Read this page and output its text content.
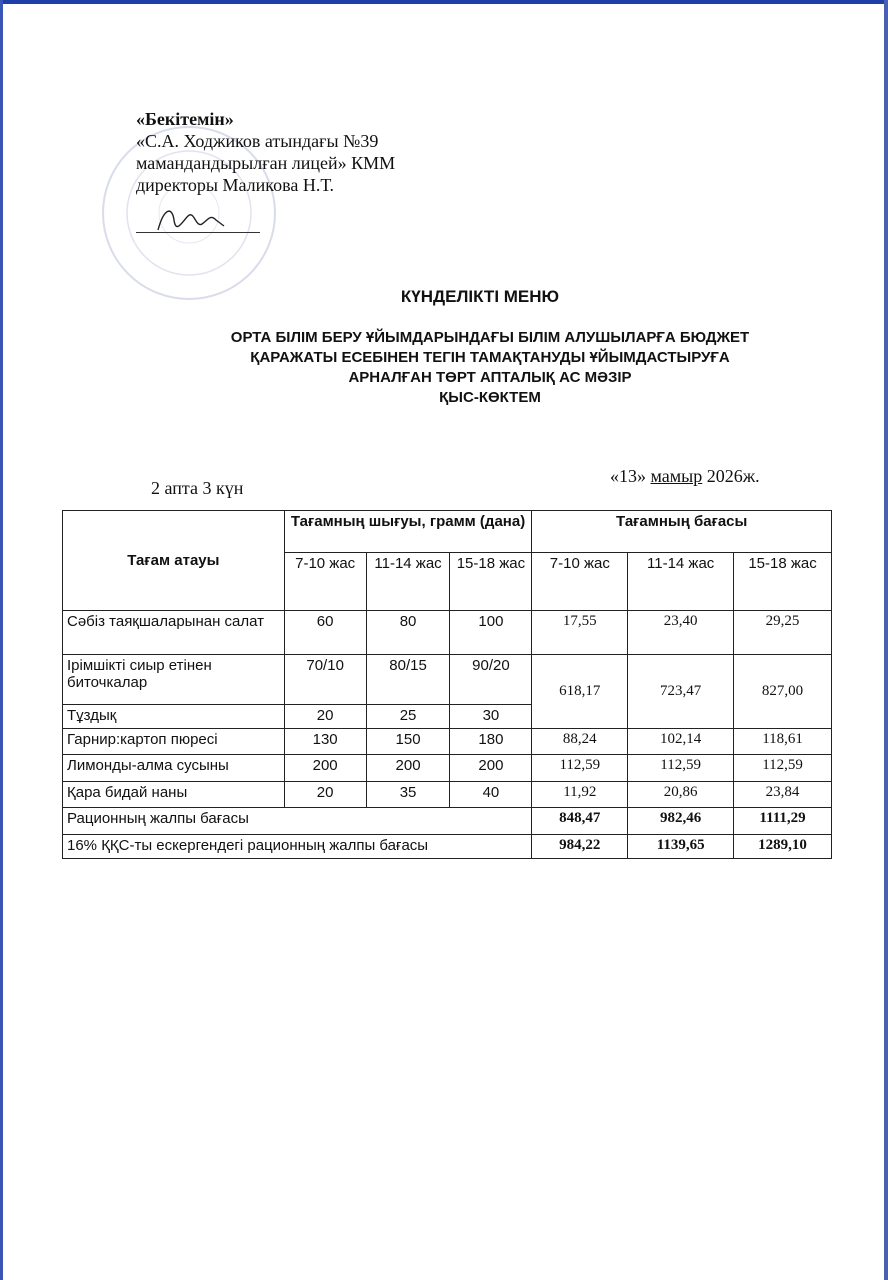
«Бекітемін»
«С.А. Ходжиков атындағы №39
мамандандырылған лицей» КММ
директоры Маликова Н.Т.
КҮНДЕЛІКТІ МЕНЮ
ОРТА БІЛІМ БЕРУ ҰЙЫМДАРЫНДАҒЫ БІЛІМ АЛУШЫЛАРҒА БЮДЖЕТ
ҚАРАЖАТЫ ЕСЕБІНЕН ТЕГІН ТАМАҚТАНУДЫ ҰЙЫМДАСТЫРУҒА
АРНАЛҒАН ТӨРТ АПТАЛЫҚ АС МӘЗІР
ҚЫС-КӨКТЕМ
2 апта 3 күн
«13» мамыр 2026ж.
Тағам атауы	Тағамның шығуы, грамм (дана)			Тағамның бағасы		
	7-10 жас	11-14 жас	15-18 жас	7-10 жас	11-14 жас	15-18 жас
Сәбіз таяқшаларынан салат	60	80	100	17,55	23,40	29,25
Ірімшікті сиыр етінен биточкалар	70/10	80/15	90/20	618,17	723,47	827,00
Тұздық	20	25	30			
Гарнир:картоп пюресі	130	150	180	88,24	102,14	118,61
Лимонды-алма сусыны	200	200	200	112,59	112,59	112,59
Қара бидай наны	20	35	40	11,92	20,86	23,84
Рационның жалпы бағасы				848,47	982,46	1111,29
16% ҚҚС-ты ескергендегі рационның жалпы бағасы				984,22	1139,65	1289,10
